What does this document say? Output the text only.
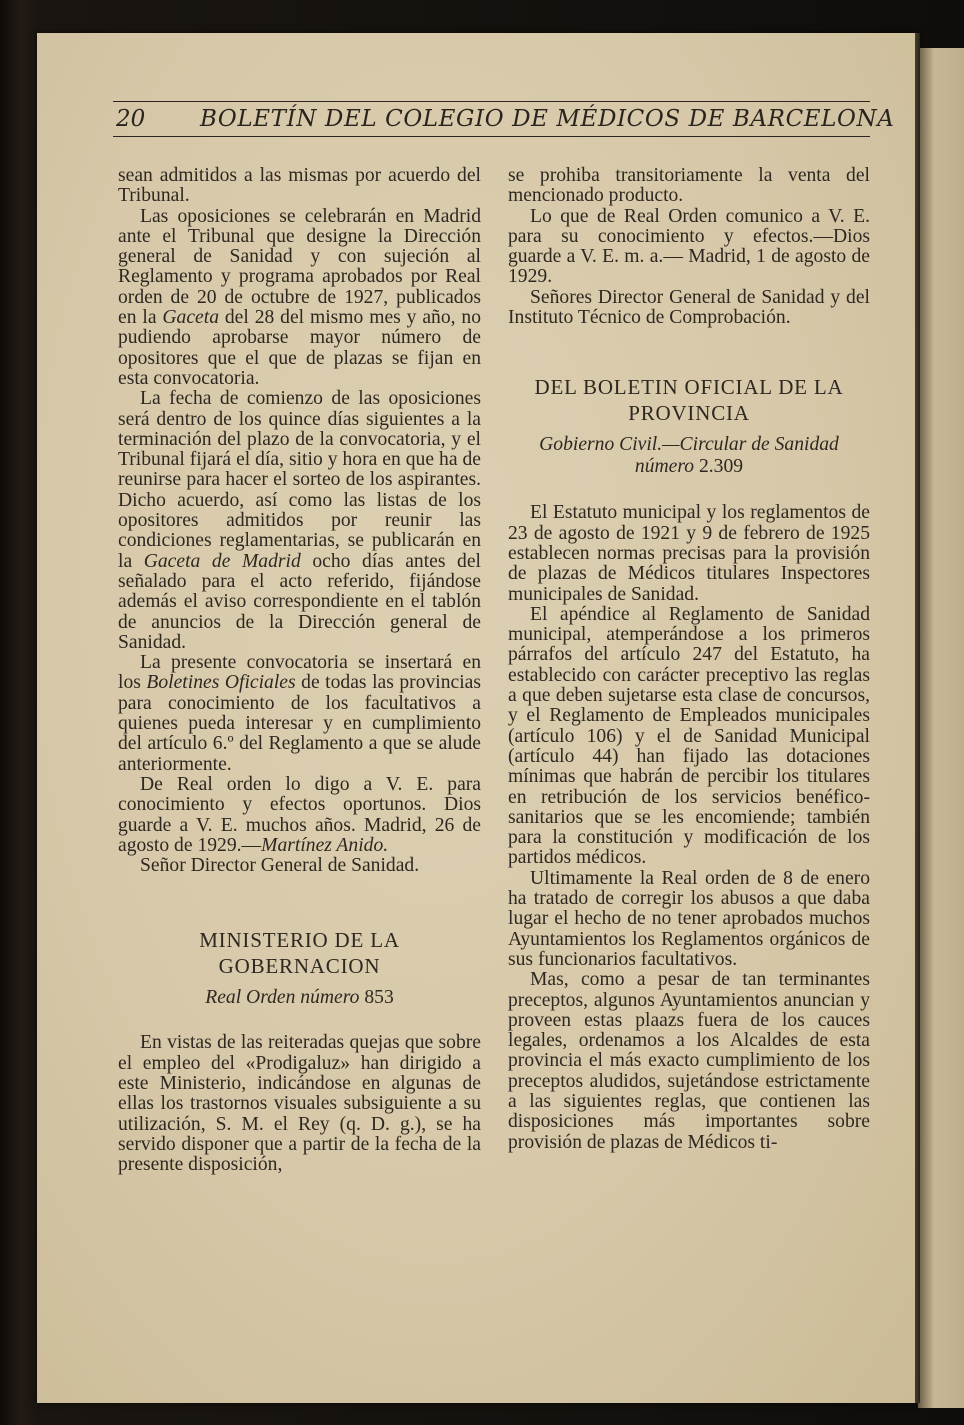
20 BOLETÍN DEL COLEGIO DE MÉDICOS DE BARCELONA

sean admitidos a las mismas por acuerdo del Tribunal.

Las oposiciones se celebrarán en Madrid ante el Tribunal que designe la Dirección general de Sanidad y con sujeción al Reglamento y programa aprobados por Real orden de 20 de octubre de 1927, publicados en la Gaceta del 28 del mismo mes y año, no pudiendo aprobarse mayor número de opositores que el que de plazas se fijan en esta convocatoria.

La fecha de comienzo de las oposiciones será dentro de los quince días siguientes a la terminación del plazo de la convocatoria, y el Tribunal fijará el día, sitio y hora en que ha de reunirse para hacer el sorteo de los aspirantes. Dicho acuerdo, así como las listas de los opositores admitidos por reunir las condiciones reglamentarias, se publicarán en la Gaceta de Madrid ocho días antes del señalado para el acto referido, fijándose además el aviso correspondiente en el tablón de anuncios de la Dirección general de Sanidad.

La presente convocatoria se insertará en los Boletines Oficiales de todas las provincias para conocimiento de los facultativos a quienes pueda interesar y en cumplimiento del artículo 6.º del Reglamento a que se alude anteriormente.

De Real orden lo digo a V. E. para conocimiento y efectos oportunos. Dios guarde a V. E. muchos años. Madrid, 26 de agosto de 1929.—Martínez Anido.

Señor Director General de Sanidad.

MINISTERIO DE LA GOBERNACION
Real Orden número 853

En vistas de las reiteradas quejas que sobre el empleo del «Prodigaluz» han dirigido a este Ministerio, indicándose en algunas de ellas los trastornos visuales subsiguiente a su utilización, S. M. el Rey (q. D. g.), se ha servido disponer que a partir de la fecha de la presente disposición,

se prohiba transitoriamente la venta del mencionado producto.

Lo que de Real Orden comunico a V. E. para su conocimiento y efectos.—Dios guarde a V. E. m. a.— Madrid, 1 de agosto de 1929.

Señores Director General de Sanidad y del Instituto Técnico de Comprobación.

DEL BOLETIN OFICIAL DE LA PROVINCIA
Gobierno Civil.—Circular de Sanidad número 2.309

El Estatuto municipal y los reglamentos de 23 de agosto de 1921 y 9 de febrero de 1925 establecen normas precisas para la provisión de plazas de Médicos titulares Inspectores municipales de Sanidad.

El apéndice al Reglamento de Sanidad municipal, atemperándose a los primeros párrafos del artículo 247 del Estatuto, ha establecido con carácter preceptivo las reglas a que deben sujetarse esta clase de concursos, y el Reglamento de Empleados municipales (artículo 106) y el de Sanidad Municipal (artículo 44) han fijado las dotaciones mínimas que habrán de percibir los titulares en retribución de los servicios benéfico-sanitarios que se les encomiende; también para la constitución y modificación de los partidos médicos.

Ultimamente la Real orden de 8 de enero ha tratado de corregir los abusos a que daba lugar el hecho de no tener aprobados muchos Ayuntamientos los Reglamentos orgánicos de sus funcionarios facultativos.

Mas, como a pesar de tan terminantes preceptos, algunos Ayuntamientos anuncian y proveen estas plaazs fuera de los cauces legales, ordenamos a los Alcaldes de esta provincia el más exacto cumplimiento de los preceptos aludidos, sujetándose estrictamente a las siguientes reglas, que contienen las disposiciones más importantes sobre provisión de plazas de Médicos ti-
